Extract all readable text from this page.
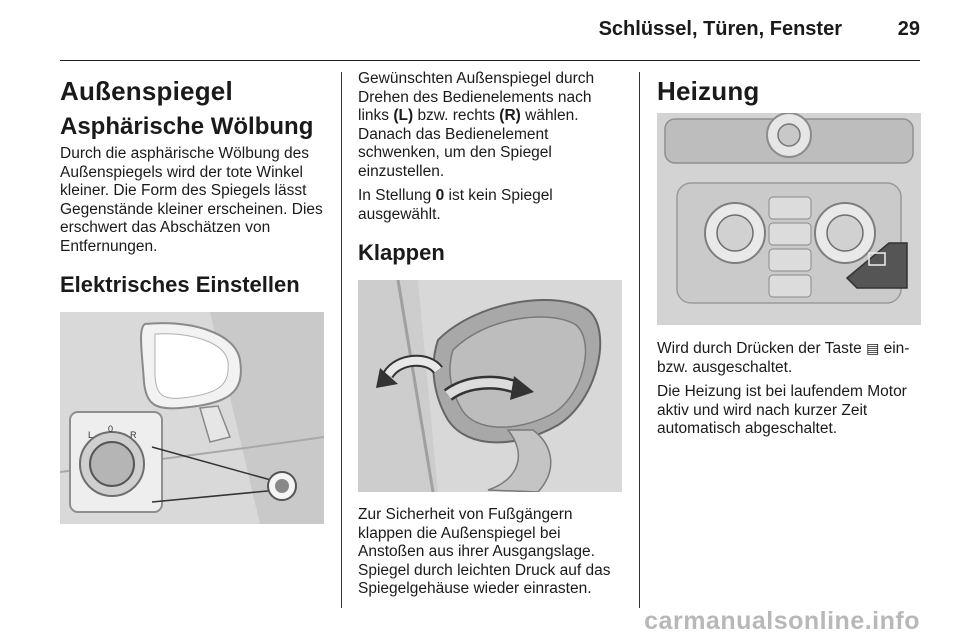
Schlüssel, Türen, Fenster	29
Außenspiegel
Asphärische Wölbung

Durch die asphärische Wölbung des Außenspiegels wird der tote Winkel kleiner. Die Form des Spiegels lässt Gegenstände kleiner erscheinen. Dies erschwert das Abschätzen von Entfernungen.

Elektrisches Einstellen
L
0
R

Gewünschten Außenspiegel durch Drehen des Bedienelements nach links (L) bzw. rechts (R) wählen. Danach das Bedienelement schwenken, um den Spiegel einzustellen.

In Stellung 0 ist kein Spiegel ausgewählt.

Klappen

Zur Sicherheit von Fußgängern klappen die Außenspiegel bei Anstoßen aus ihrer Ausgangslage. Spiegel durch leichten Druck auf das Spiegelgehäuse wieder einrasten.

Heizung

Wird durch Drücken der Taste ▤ ein- bzw. ausgeschaltet.

Die Heizung ist bei laufendem Motor aktiv und wird nach kurzer Zeit automatisch abgeschaltet.

carmanualsonline.info
